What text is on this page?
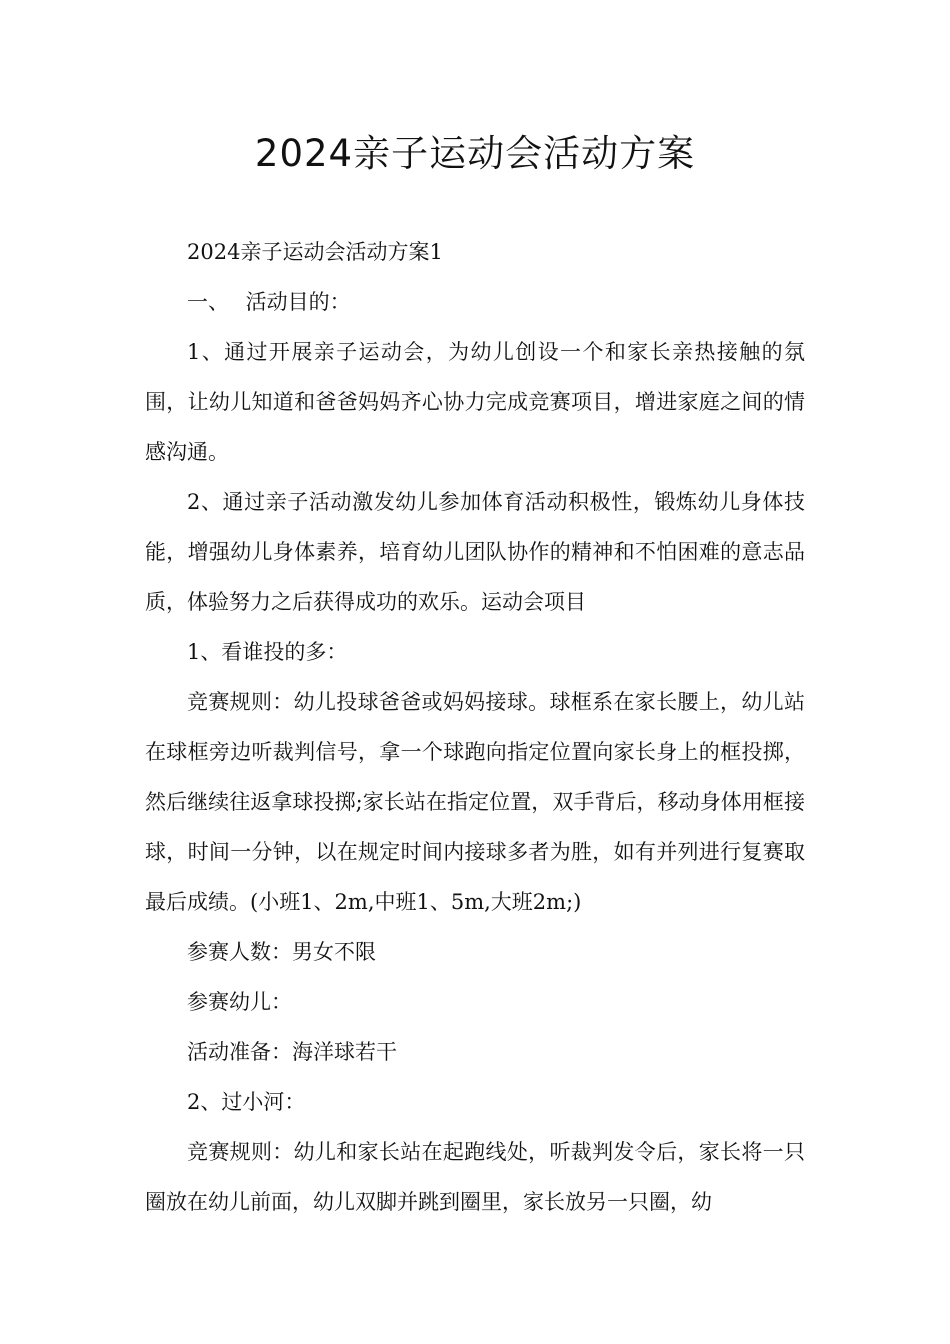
2024亲子运动会活动方案

2024亲子运动会活动方案1

一、 活动目的：

1、通过开展亲子运动会，为幼儿创设一个和家长亲热接触的氛围，让幼儿知道和爸爸妈妈齐心协力完成竞赛项目，增进家庭之间的情感沟通。

2、通过亲子活动激发幼儿参加体育活动积极性，锻炼幼儿身体技能，增强幼儿身体素养，培育幼儿团队协作的精神和不怕困难的意志品质，体验努力之后获得成功的欢乐。运动会项目

1、看谁投的多：

竞赛规则：幼儿投球爸爸或妈妈接球。球框系在家长腰上，幼儿站在球框旁边听裁判信号，拿一个球跑向指定位置向家长身上的框投掷，然后继续往返拿球投掷;家长站在指定位置，双手背后，移动身体用框接球，时间一分钟，以在规定时间内接球多者为胜，如有并列进行复赛取最后成绩。(小班1、2m,中班1、5m,大班2m;)

参赛人数：男女不限

参赛幼儿：

活动准备：海洋球若干

2、过小河：

竞赛规则：幼儿和家长站在起跑线处，听裁判发令后，家长将一只圈放在幼儿前面，幼儿双脚并跳到圈里，家长放另一只圈，幼
